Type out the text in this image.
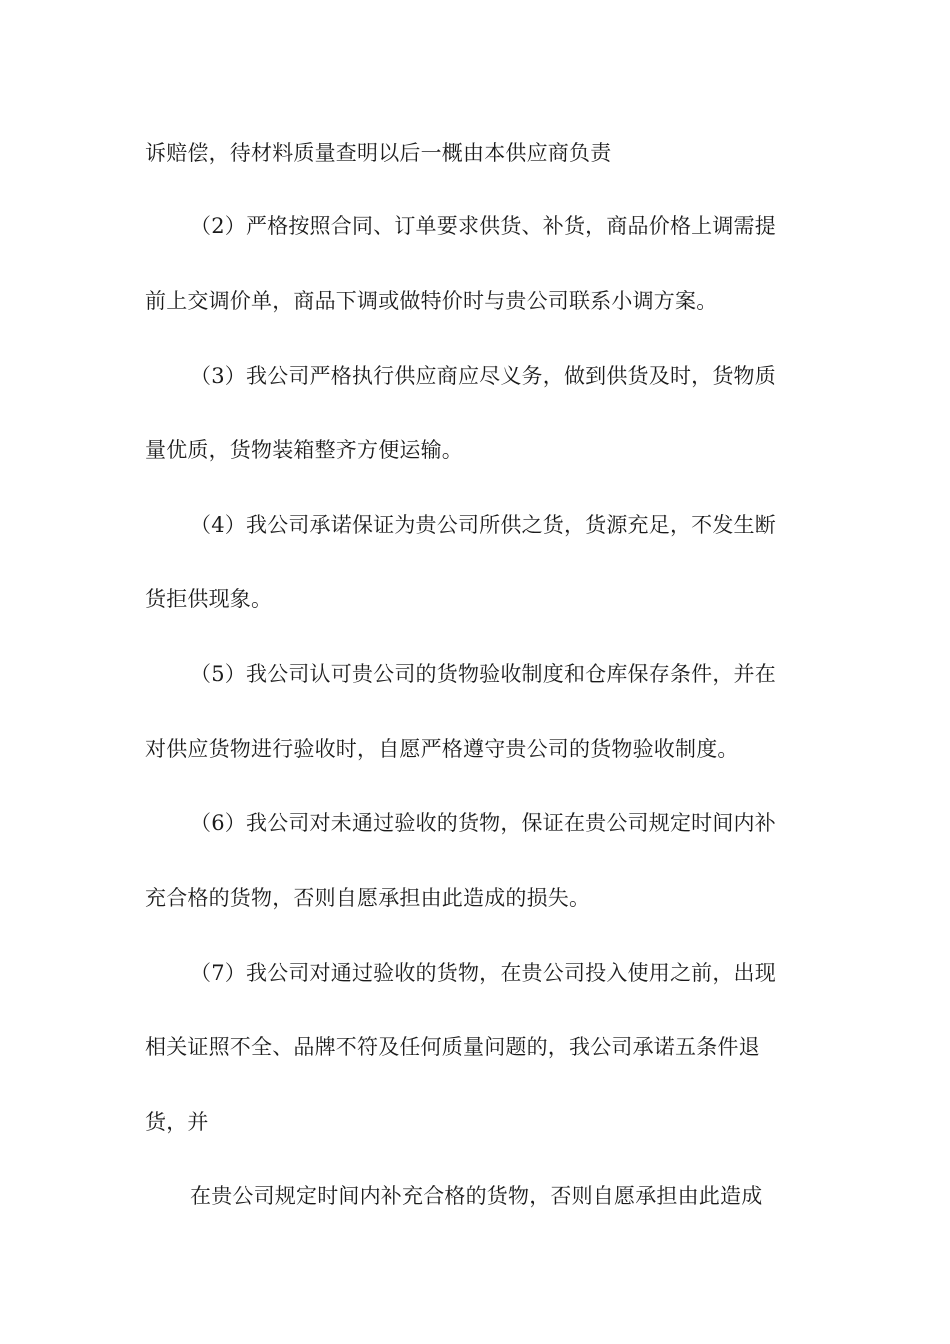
诉赔偿，待材料质量查明以后一概由本供应商负责
（2）严格按照合同、订单要求供货、补货，商品价格上调需提
前上交调价单，商品下调或做特价时与贵公司联系小调方案。
（3）我公司严格执行供应商应尽义务，做到供货及时，货物质
量优质，货物装箱整齐方便运输。
（4）我公司承诺保证为贵公司所供之货，货源充足，不发生断
货拒供现象。
（5）我公司认可贵公司的货物验收制度和仓库保存条件，并在
对供应货物进行验收时，自愿严格遵守贵公司的货物验收制度。
（6）我公司对未通过验收的货物，保证在贵公司规定时间内补
充合格的货物，否则自愿承担由此造成的损失。
（7）我公司对通过验收的货物，在贵公司投入使用之前，出现
相关证照不全、品牌不符及任何质量问题的，我公司承诺五条件退
货，并
在贵公司规定时间内补充合格的货物，否则自愿承担由此造成
